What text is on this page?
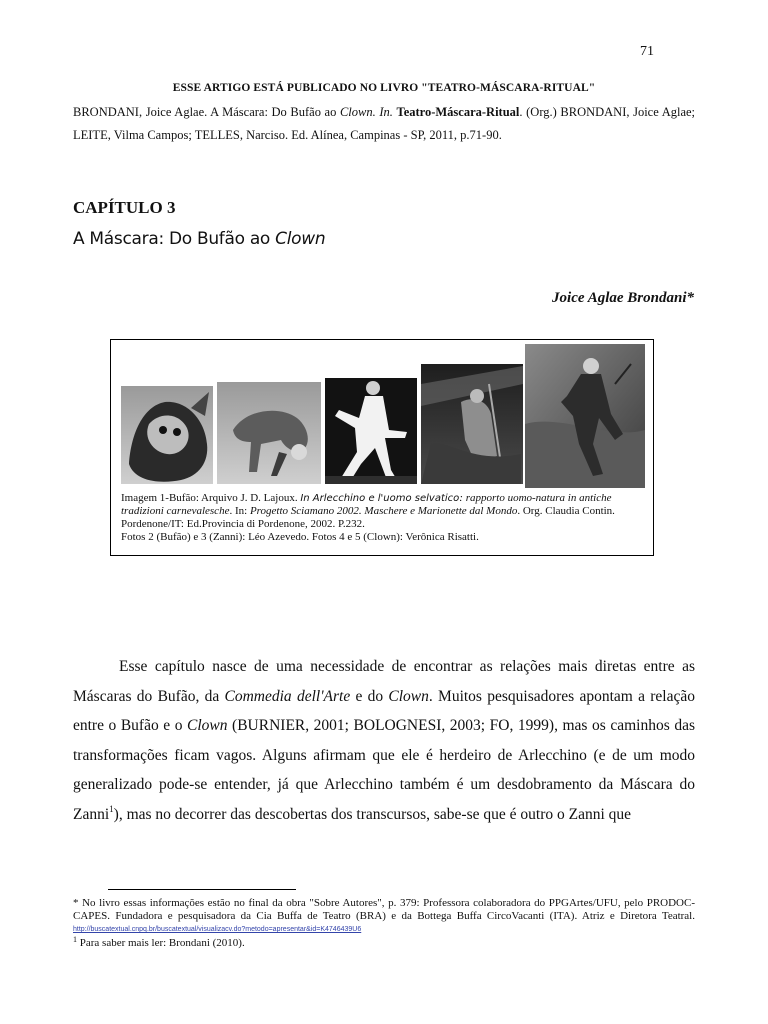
71
ESSE ARTIGO ESTÁ PUBLICADO NO LIVRO "TEATRO-MÁSCARA-RITUAL"
BRONDANI, Joice Aglae. A Máscara: Do Bufão ao Clown. In. Teatro-Máscara-Ritual. (Org.) BRONDANI, Joice Aglae; LEITE, Vilma Campos; TELLES, Narciso. Ed. Alínea, Campinas - SP, 2011, p.71-90.
CAPÍTULO 3
A Máscara: Do Bufão ao Clown
Joice Aglae Brondani*
Imagem 1-Bufão: Arquivo J. D. Lajoux. In Arlecchino e l'uomo selvatico: rapporto uomo-natura in antiche tradizioni carnevalesche. In: Progetto Sciamano 2002. Maschere e Marionette dal Mondo. Org. Claudia Contin. Pordenone/IT: Ed.Provincia di Pordenone, 2002. P.232.
Fotos 2 (Bufão) e 3 (Zanni): Léo Azevedo. Fotos 4 e 5 (Clown): Verônica Risatti.

Esse capítulo nasce de uma necessidade de encontrar as relações mais diretas entre as Máscaras do Bufão, da Commedia dell'Arte e do Clown. Muitos pesquisadores apontam a relação entre o Bufão e o Clown (BURNIER, 2001; BOLOGNESI, 2003; FO, 1999), mas os caminhos das transformações ficam vagos. Alguns afirmam que ele é herdeiro de Arlecchino (e de um modo generalizado pode-se entender, já que Arlecchino também é um desdobramento da Máscara do Zanni$^1$), mas no decorrer das descobertas dos transcursos, sabe-se que é outro o Zanni que

* No livro essas informações estão no final da obra "Sobre Autores", p. 379: Professora colaboradora do PPGArtes/UFU, pelo PRODOC-CAPES. Fundadora e pesquisadora da Cia Buffa de Teatro (BRA) e da Bottega Buffa CircoVacanti (ITA). Atriz e Diretora Teatral. http://buscatextual.cnpq.br/buscatextual/visualizacv.do?metodo=apresentar&id=K4746439U6
$^1$ Para saber mais ler: Brondani (2010).
